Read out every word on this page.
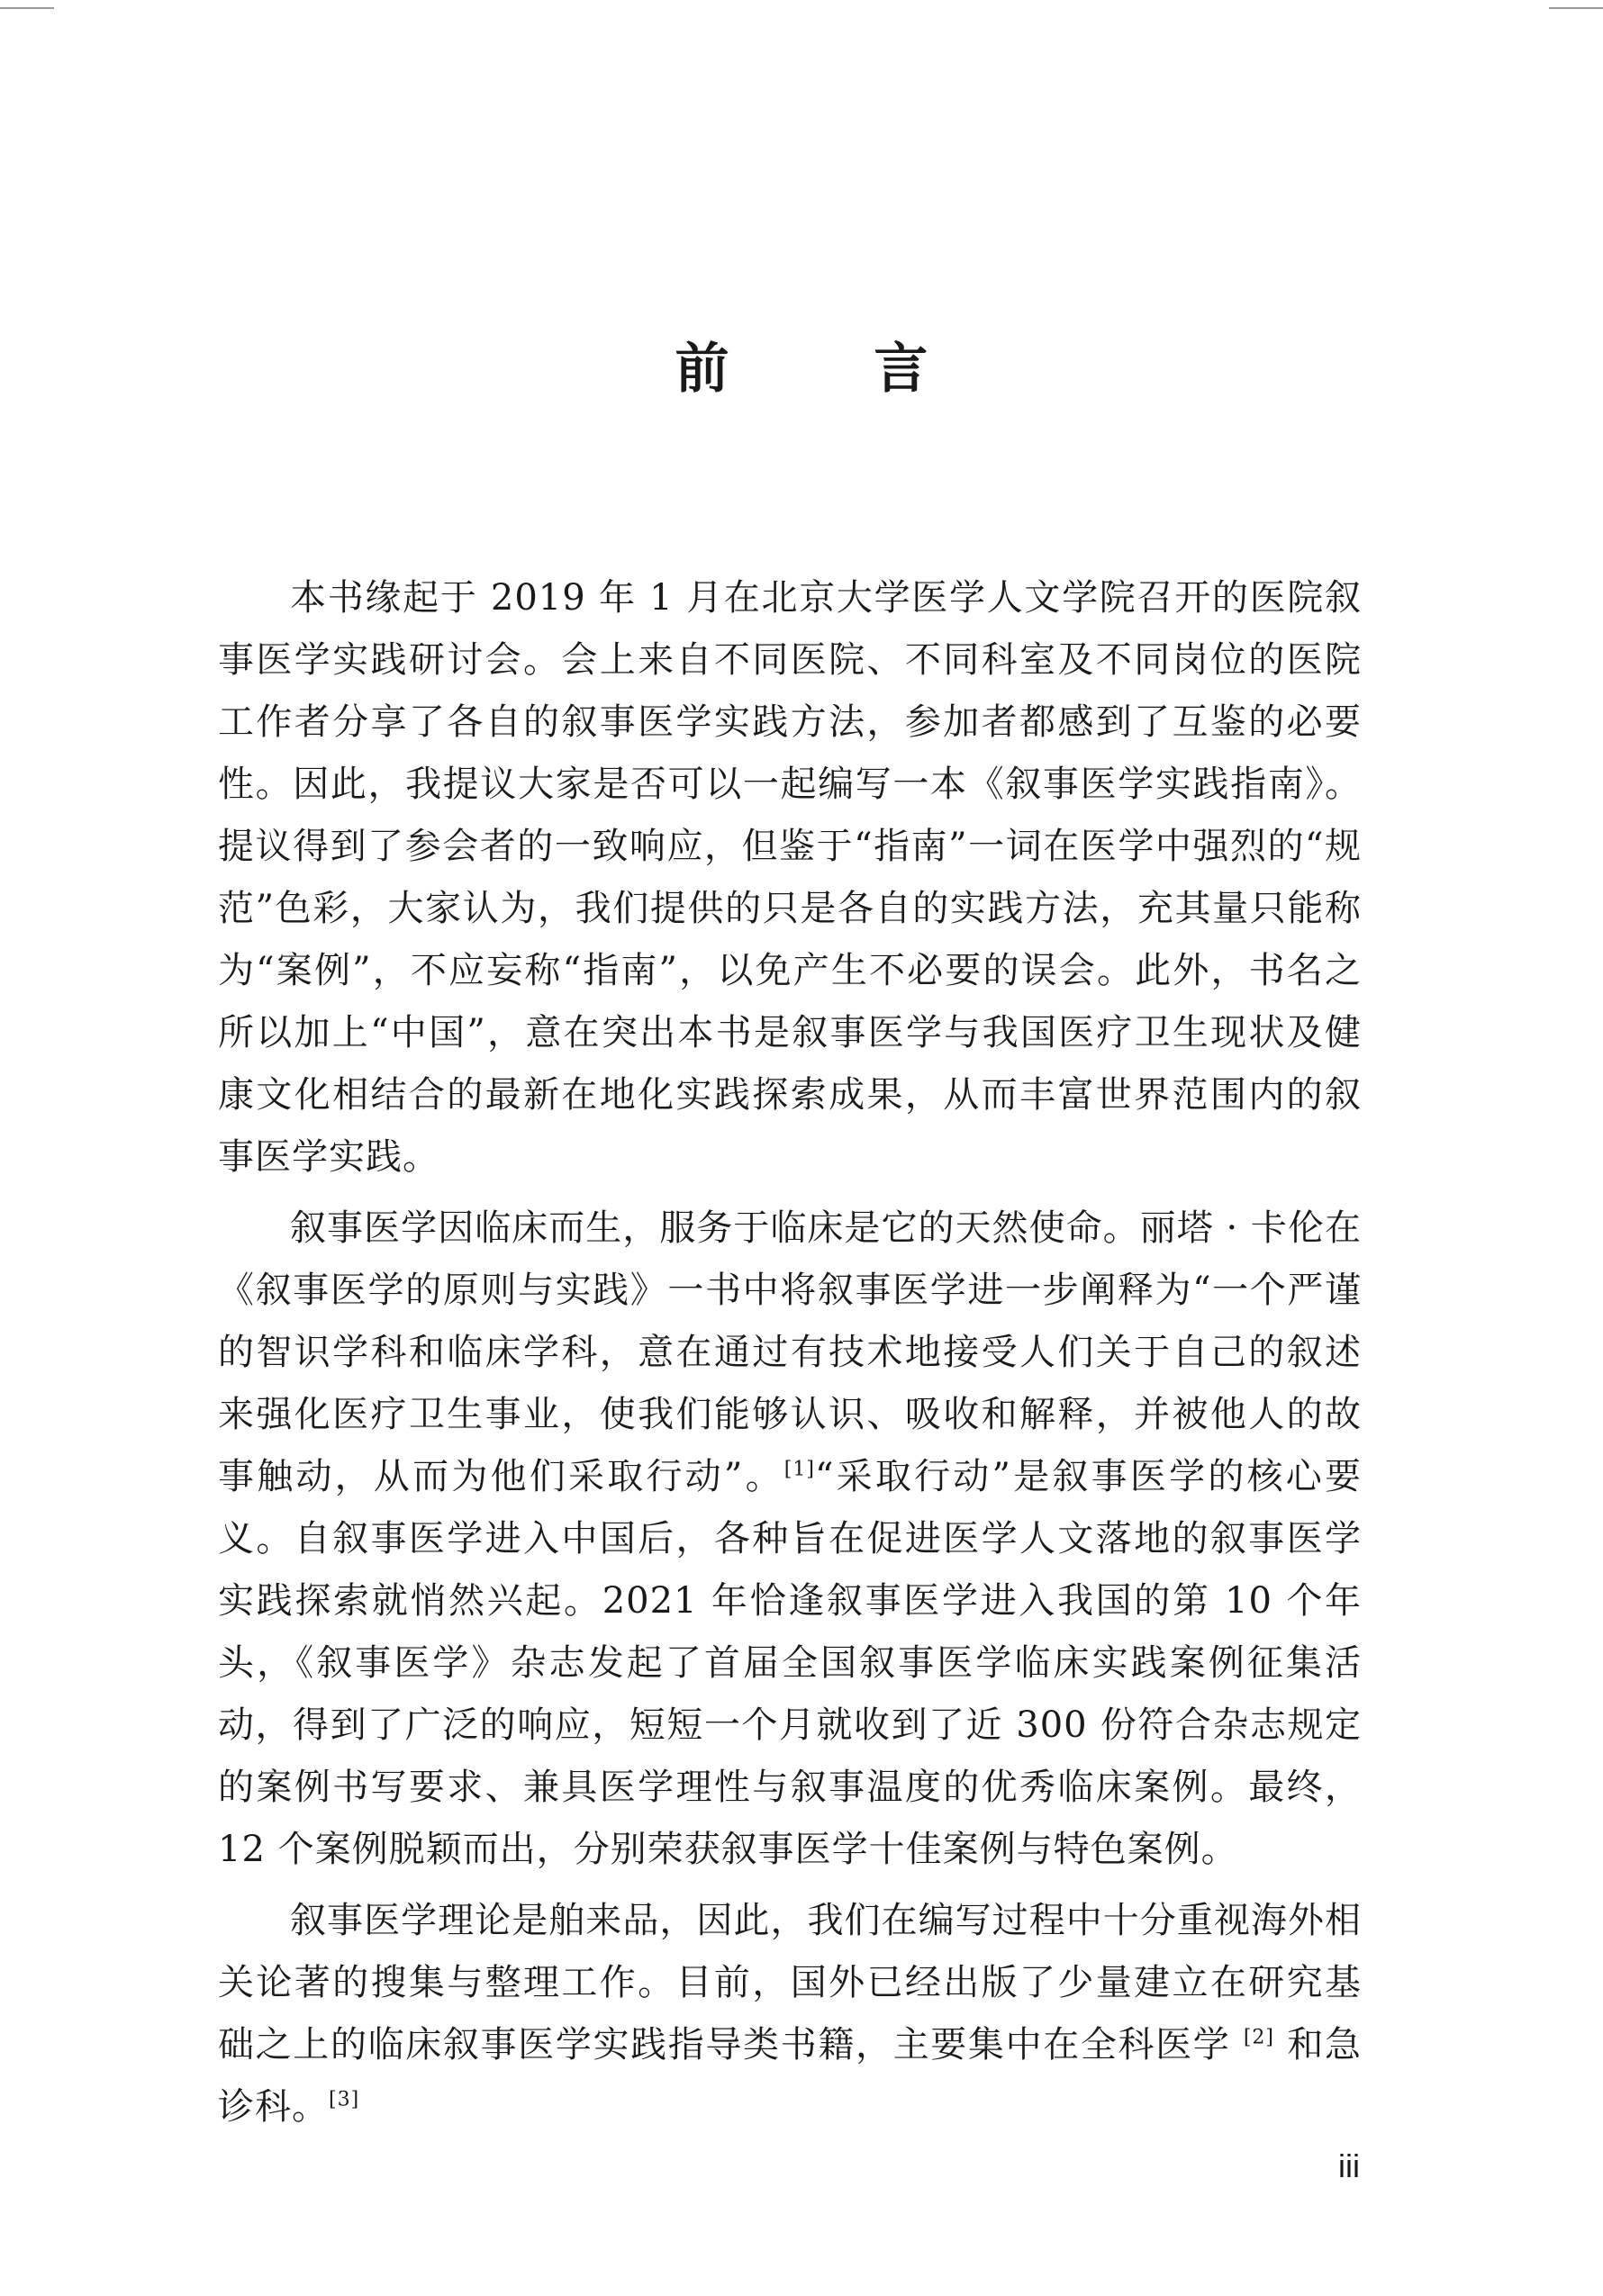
前 言

本书缘起于 2019 年 1 月在北京大学医学人文学院召开的医院叙事医学实践研讨会。会上来自不同医院、不同科室及不同岗位的医院工作者分享了各自的叙事医学实践方法，参加者都感到了互鉴的必要性。因此，我提议大家是否可以一起编写一本《叙事医学实践指南》。提议得到了参会者的一致响应，但鉴于“指南”一词在医学中强烈的“规范”色彩，大家认为，我们提供的只是各自的实践方法，充其量只能称为“案例”，不应妄称“指南”，以免产生不必要的误会。此外，书名之所以加上“中国”，意在突出本书是叙事医学与我国医疗卫生现状及健康文化相结合的最新在地化实践探索成果，从而丰富世界范围内的叙事医学实践。

叙事医学因临床而生，服务于临床是它的天然使命。丽塔 · 卡伦在《叙事医学的原则与实践》一书中将叙事医学进一步阐释为“一个严谨的智识学科和临床学科，意在通过有技术地接受人们关于自己的叙述来强化医疗卫生事业，使我们能够认识、吸收和解释，并被他人的故事触动，从而为他们采取行动”。[1]“采取行动”是叙事医学的核心要义。自叙事医学进入中国后，各种旨在促进医学人文落地的叙事医学实践探索就悄然兴起。2021 年恰逢叙事医学进入我国的第 10 个年头，《叙事医学》杂志发起了首届全国叙事医学临床实践案例征集活动，得到了广泛的响应，短短一个月就收到了近 300 份符合杂志规定的案例书写要求、兼具医学理性与叙事温度的优秀临床案例。最终，12 个案例脱颖而出，分别荣获叙事医学十佳案例与特色案例。

叙事医学理论是舶来品，因此，我们在编写过程中十分重视海外相关论著的搜集与整理工作。目前，国外已经出版了少量建立在研究基础之上的临床叙事医学实践指导类书籍，主要集中在全科医学 [2] 和急诊科。[3]

iii
